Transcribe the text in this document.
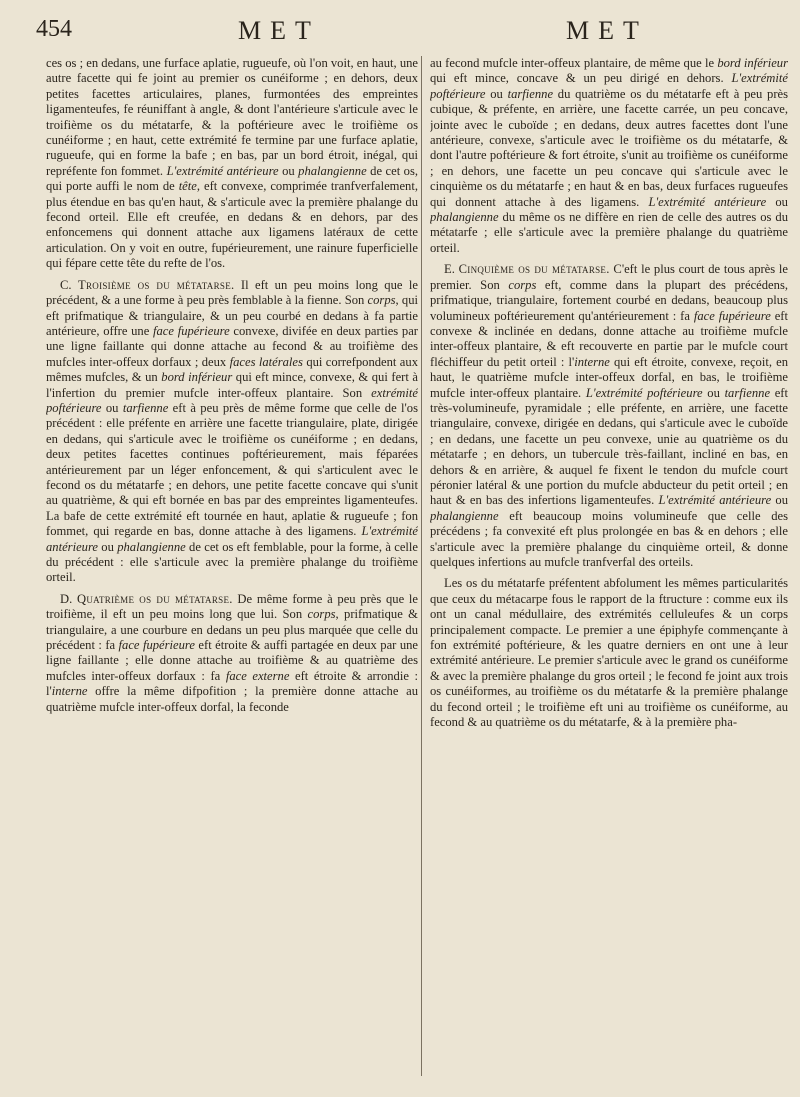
454	MET	MET

ces os ; en dedans, une furface aplatie, rugueufe, où l'on voit, en haut, une autre facette qui fe joint au premier os cunéiforme ; en dehors, deux petites facettes articulaires, planes, furmontées des empreintes ligamenteufes, fe réuniffant à angle, & dont l'antérieure s'articule avec le troifième os du métatarfe, & la poftérieure avec le troifième os cunéiforme ; en haut, cette extrémité fe termine par une furface aplatie, rugueufe, qui en forme la bafe ; en bas, par un bord étroit, inégal, qui repréfente fon fommet. L'extrémité antérieure ou phalangienne de cet os, qui porte auffi le nom de tête, eft convexe, comprimée tranfverfalement, plus étendue en bas qu'en haut, & s'articule avec la première phalange du fecond orteil. Elle eft creufée, en dedans & en dehors, par des enfoncemens qui donnent attache aux ligamens latéraux de cette articulation. On y voit en outre, fupérieurement, une rainure fuperficielle qui fépare cette tête du refte de l'os.

C. Troisième os du métatarse. Il eft un peu moins long que le précédent, & a une forme à peu près femblable à la fienne. Son corps, qui eft prifmatique & triangulaire, & un peu courbé en dedans à fa partie antérieure, offre une face fupérieure convexe, divifée en deux parties par une ligne faillante qui donne attache au fecond & au troifième des mufcles inter-offeux dorfaux ; deux faces latérales qui correfpondent aux mêmes mufcles, & un bord inférieur qui eft mince, convexe, & qui fert à l'infertion du premier mufcle inter-offeux plantaire. Son extrémité poftérieure ou tarfienne eft à peu près de même forme que celle de l'os précédent : elle préfente en arrière une facette triangulaire, plate, dirigée en dedans, qui s'articule avec le troifième os cunéiforme ; en dedans, deux petites facettes continues poftérieurement, mais féparées antérieurement par un léger enfoncement, & qui s'articulent avec le fecond os du métatarfe ; en dehors, une petite facette concave qui s'unit au quatrième, & qui eft bornée en bas par des empreintes ligamenteufes. La bafe de cette extrémité eft tournée en haut, aplatie & rugueufe ; fon fommet, qui regarde en bas, donne attache à des ligamens. L'extrémité antérieure ou phalangienne de cet os eft femblable, pour la forme, à celle du précédent : elle s'articule avec la première phalange du troifième orteil.

D. Quatrième os du métatarse. De même forme à peu près que le troifième, il eft un peu moins long que lui. Son corps, prifmatique & triangulaire, a une courbure en dedans un peu plus marquée que celle du précédent : fa face fupérieure eft étroite & auffi partagée en deux par une ligne faillante ; elle donne attache au troifième & au quatrième des mufcles inter-offeux dorfaux : fa face externe eft étroite & arrondie : l'interne offre la même difpofition ; la première donne attache au quatrième mufcle inter-offeux dorfal, la feconde

au fecond mufcle inter-offeux plantaire, de même que le bord inférieur qui eft mince, concave & un peu dirigé en dehors. L'extrémité poftérieure ou tarfienne du quatrième os du métatarfe eft à peu près cubique, & préfente, en arrière, une facette carrée, un peu concave, jointe avec le cuboïde ; en dedans, deux autres facettes dont l'une antérieure, convexe, s'articule avec le troifième os du métatarfe, & dont l'autre poftérieure & fort étroite, s'unit au troifième os cunéiforme ; en dehors, une facette un peu concave qui s'articule avec le cinquième os du métatarfe ; en haut & en bas, deux furfaces rugueufes qui donnent attache à des ligamens. L'extrémité antérieure ou phalangienne du même os ne diffère en rien de celle des autres os du métatarfe ; elle s'articule avec la première phalange du quatrième orteil.

E. Cinquième os du métatarse. C'eft le plus court de tous après le premier. Son corps eft, comme dans la plupart des précédens, prifmatique, triangulaire, fortement courbé en dedans, beaucoup plus volumineux poftérieurement qu'antérieurement : fa face fupérieure eft convexe & inclinée en dedans, donne attache au troifième mufcle inter-offeux plantaire, & eft recouverte en partie par le mufcle court fléchiffeur du petit orteil : l'interne qui eft étroite, convexe, reçoit, en haut, le quatrième mufcle inter-offeux dorfal, en bas, le troifième mufcle inter-offeux plantaire. L'extrémité poftérieure ou tarfienne eft très-volumineufe, pyramidale ; elle préfente, en arrière, une facette triangulaire, convexe, dirigée en dedans, qui s'articule avec le cuboïde ; en dedans, une facette un peu convexe, unie au quatrième os du métatarfe ; en dehors, un tubercule très-faillant, incliné en bas, en dehors & en arrière, & auquel fe fixent le tendon du mufcle court péronier latéral & une portion du mufcle abducteur du petit orteil ; en haut & en bas des infertions ligamenteufes. L'extrémité antérieure ou phalangienne eft beaucoup moins volumineufe que celle des précédens ; fa convexité eft plus prolongée en bas & en dehors ; elle s'articule avec la première phalange du cinquième orteil, & donne quelques infertions au mufcle tranfverfal des orteils.

Les os du métatarfe préfentent abfolument les mêmes particularités que ceux du métacarpe fous le rapport de la ftructure : comme eux ils ont un canal médullaire, des extrémités celluleufes & un corps principalement compacte. Le premier a une épiphyfe commençante à fon extrémité poftérieure, & les quatre derniers en ont une à leur extrémité antérieure. Le premier s'articule avec le grand os cunéiforme & avec la première phalange du gros orteil ; le fecond fe joint aux trois os cunéiformes, au troifième os du métatarfe & la première phalange du fecond orteil ; le troifième eft uni au troifième os cunéiforme, au fecond & au quatrième os du métatarfe, & à la première pha-
